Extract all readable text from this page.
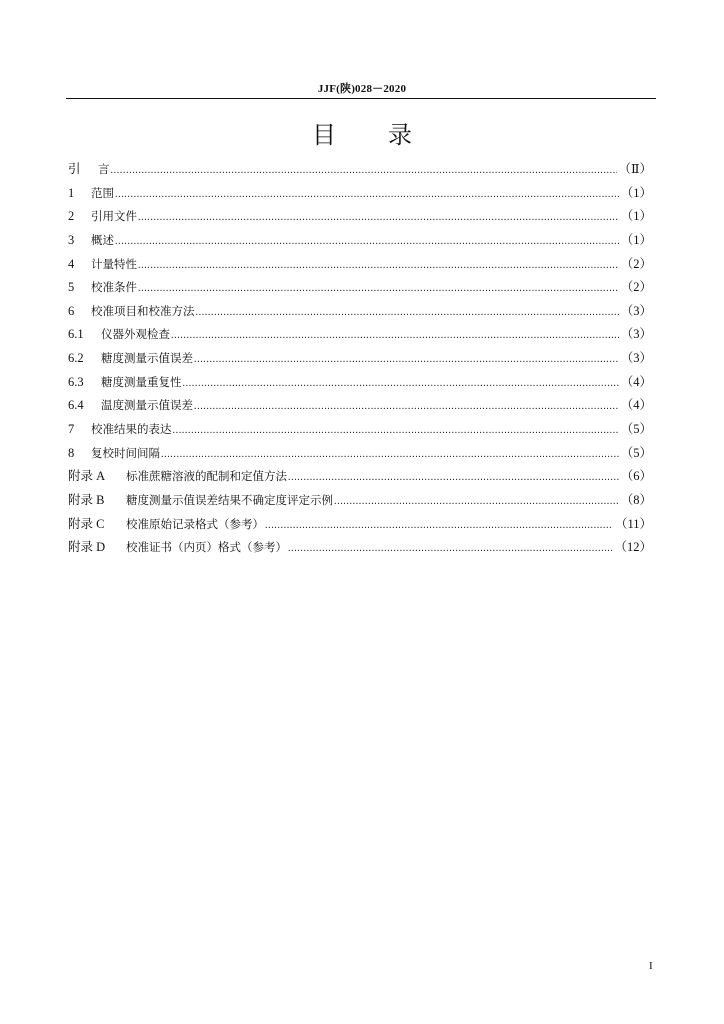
JJF(陕)028－2020
目录
引	言 .....	（Ⅱ）
1	范围 .....	（1）
2	引用文件 .....	（1）
3	概述 .....	（1）
4	计量特性 .....	（2）
5	校准条件 .....	（2）
6	校准项目和校准方法 .....	（3）
6.1	仪器外观检查 .....	（3）
6.2	糖度测量示值误差 .....	（3）
6.3	糖度测量重复性 .....	（4）
6.4	温度测量示值误差 .....	（4）
7	校准结果的表达 .....	（5）
8	复校时间间隔 .....	（5）
附录 A	标准蔗糖溶液的配制和定值方法 .....	（6）
附录 B	糖度测量示值误差结果不确定度评定示例 .....	（8）
附录 C	校准原始记录格式（参考） .....	（11）
附录 D	校准证书（内页）格式（参考） .....	（12）
I
